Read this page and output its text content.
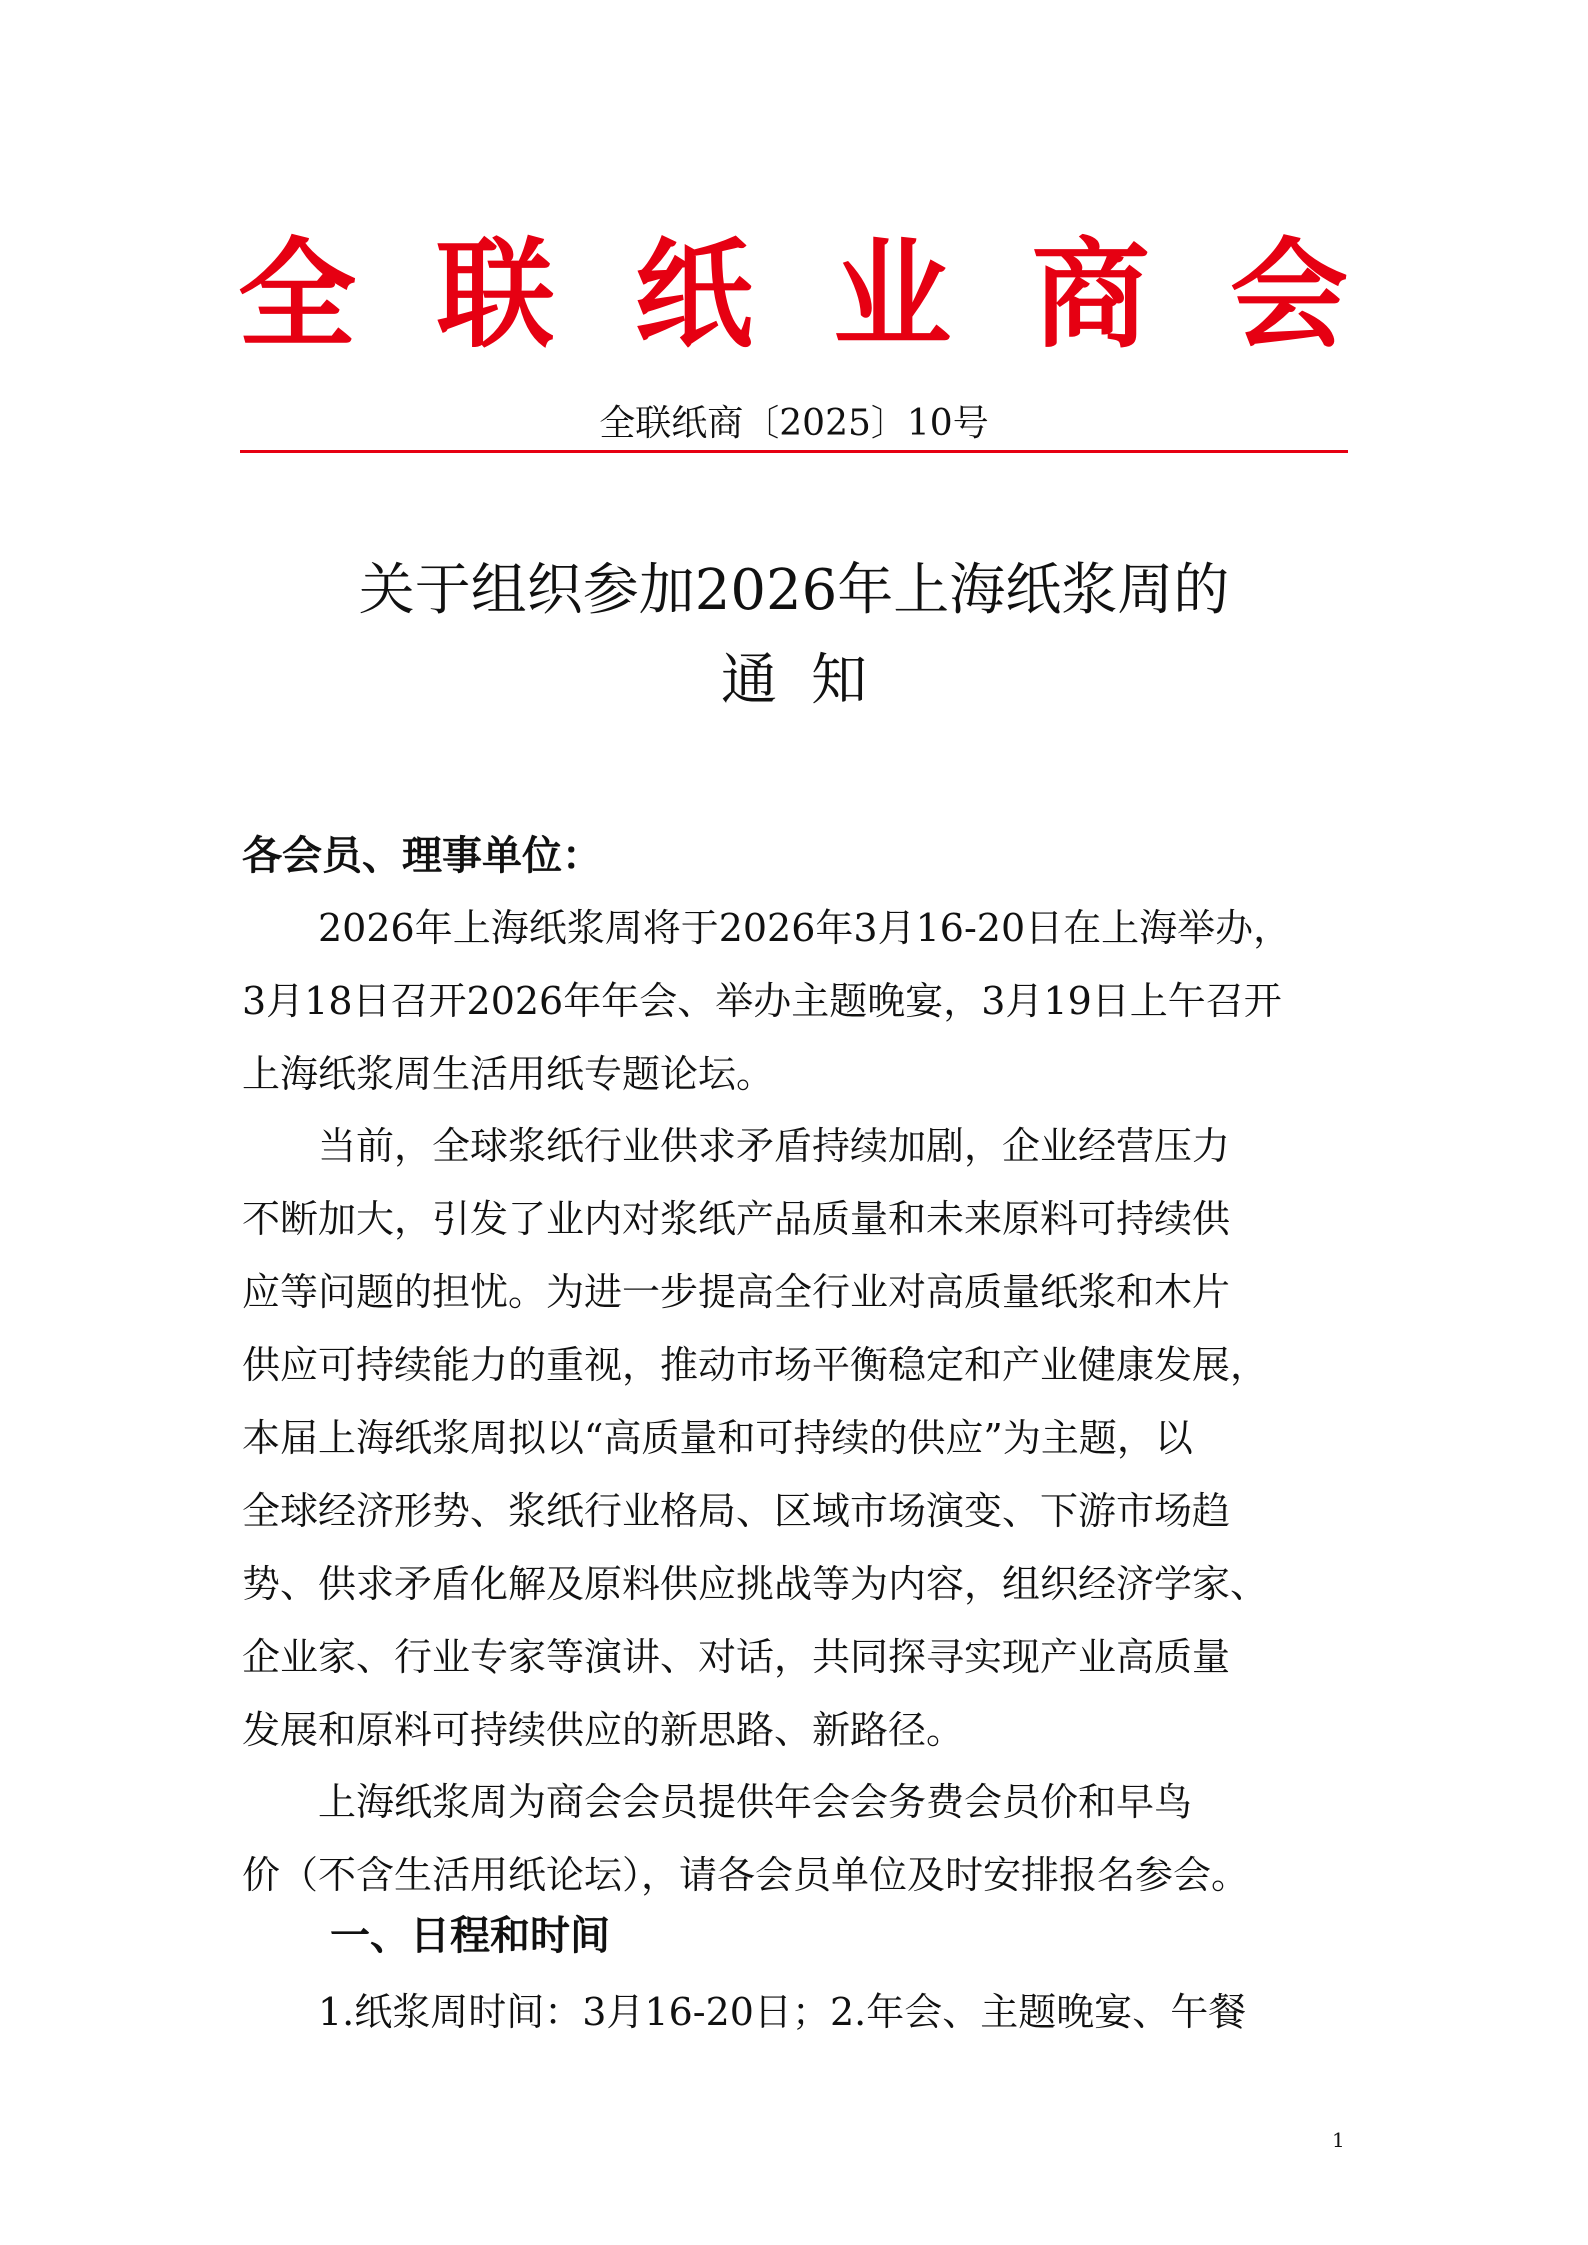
全 联 纸 业 商 会
全联纸商〔2025〕10号
关于组织参加2026年上海纸浆周的
通知
各会员、理事单位：

2026年上海纸浆周将于2026年3月16-20日在上海举办，
3月18日召开2026年年会、举办主题晚宴，3月19日上午召开
上海纸浆周生活用纸专题论坛。

当前，全球浆纸行业供求矛盾持续加剧，企业经营压力
不断加大，引发了业内对浆纸产品质量和未来原料可持续供
应等问题的担忧。为进一步提高全行业对高质量纸浆和木片
供应可持续能力的重视，推动市场平衡稳定和产业健康发展，
本届上海纸浆周拟以“高质量和可持续的供应”为主题，以
全球经济形势、浆纸行业格局、区域市场演变、下游市场趋
势、供求矛盾化解及原料供应挑战等为内容，组织经济学家、
企业家、行业专家等演讲、对话，共同探寻实现产业高质量
发展和原料可持续供应的新思路、新路径。

上海纸浆周为商会会员提供年会会务费会员价和早鸟
价（不含生活用纸论坛），请各会员单位及时安排报名参会。

一、日程和时间

1.纸浆周时间：3月16-20日；2.年会、主题晚宴、午餐

1
